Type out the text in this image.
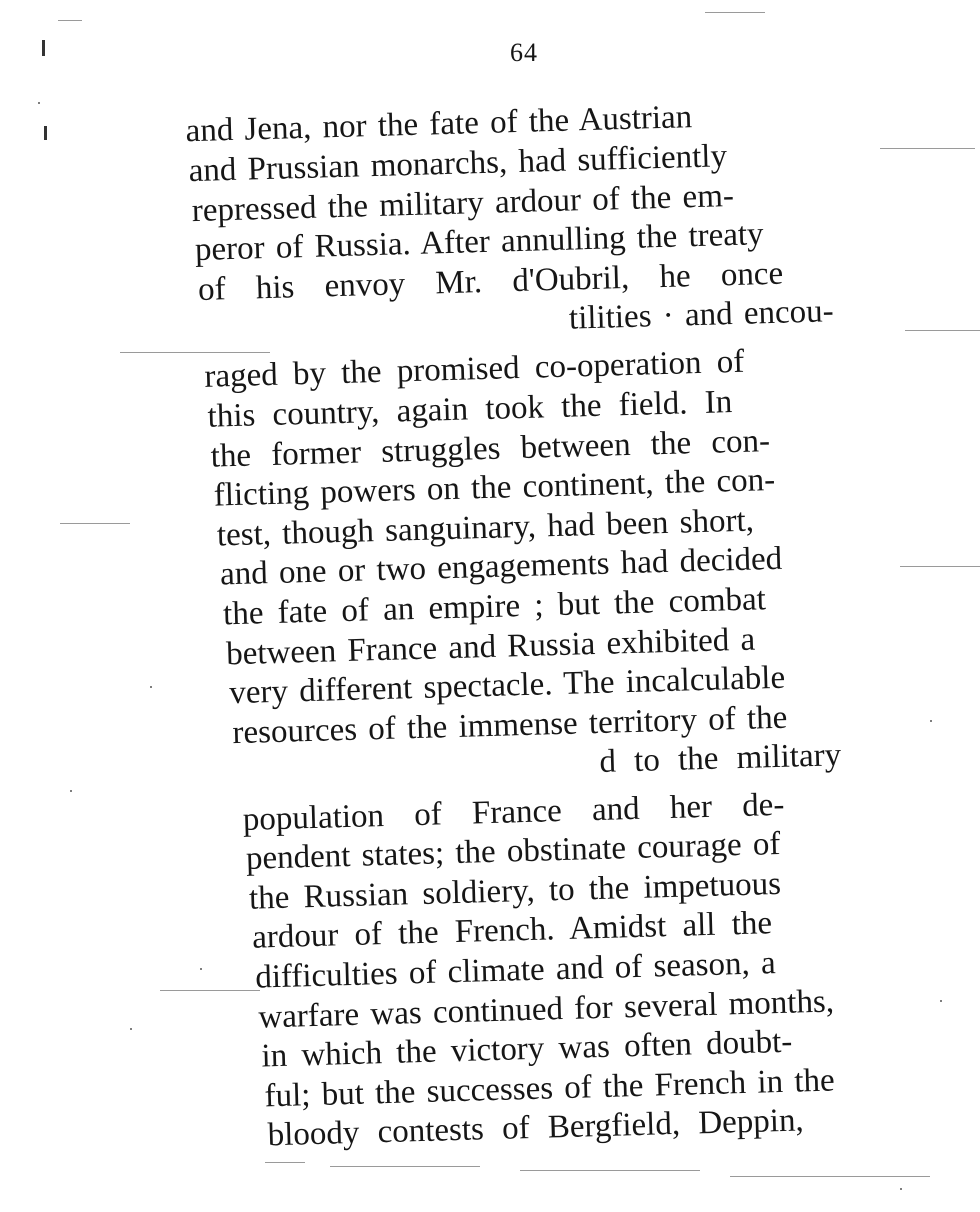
64
and Jena, nor the fate of the Austrian
and Prussian monarchs, had sufficiently
repressed the military ardour of the em-
peror of Russia. After annulling the treaty
of his envoy Mr. d'Oubril, he once
tilities · and encou-
raged by the promised co-operation of
this country, again took the field. In
the former struggles between the con-
flicting powers on the continent, the con-
test, though sanguinary, had been short,
and one or two engagements had decided
the fate of an empire ; but the combat
between France and Russia exhibited a
very different spectacle. The incalculable
resources of the immense territory of the
d to the military
population of France and her de-
pendent states; the obstinate courage of
the Russian soldiery, to the impetuous
ardour of the French. Amidst all the
difficulties of climate and of season, a
warfare was continued for several months,
in which the victory was often doubt-
ful; but the successes of the French in the
bloody contests of Bergfield, Deppin,
